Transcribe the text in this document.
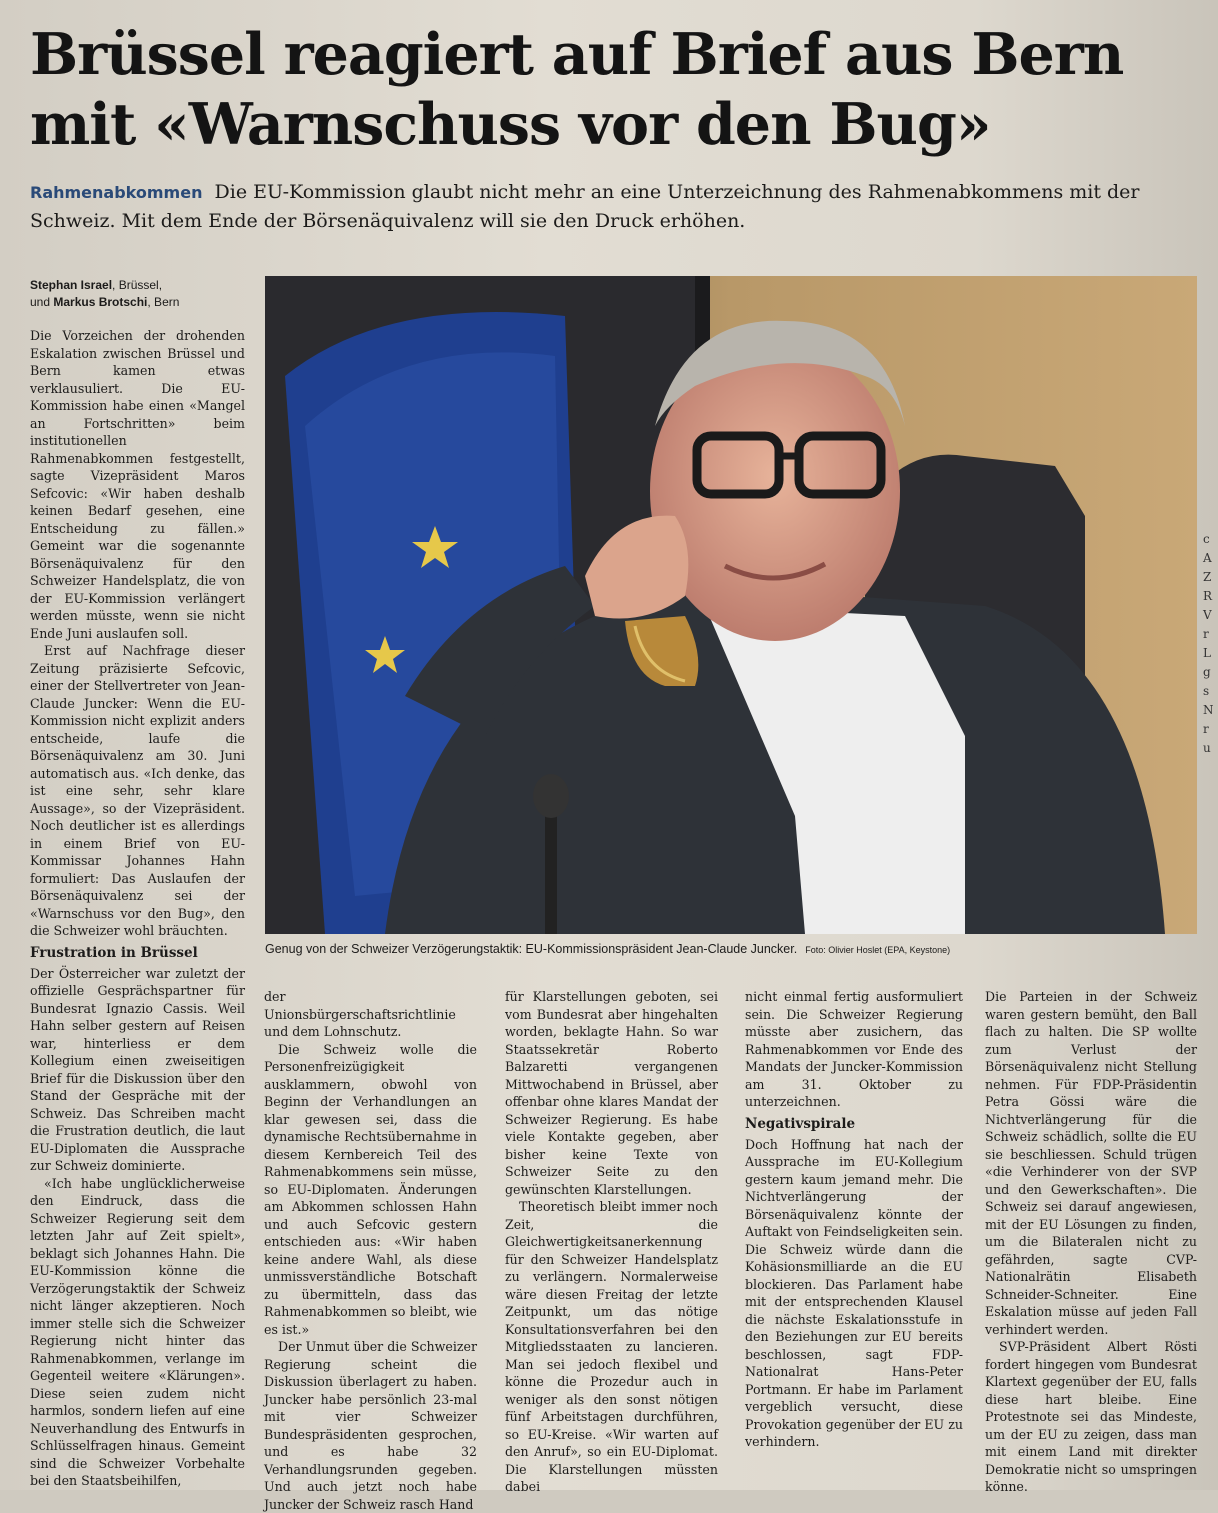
Brüssel reagiert auf Brief aus Bern mit «Warnschuss vor den Bug»

Rahmenabkommen Die EU-Kommission glaubt nicht mehr an eine Unterzeichnung des Rahmenabkommens mit der Schweiz. Mit dem Ende der Börsenäquivalenz will sie den Druck erhöhen.

Stephan Israel, Brüssel,
und Markus Brotschi, Bern

Die Vorzeichen der drohenden Eskalation zwischen Brüssel und Bern kamen etwas verklausuliert. Die EU-Kommission habe einen «Mangel an Fortschritten» beim institutionellen Rahmenabkommen festgestellt, sagte Vizepräsident Maros Sefcovic: «Wir haben deshalb keinen Bedarf gesehen, eine Entscheidung zu fällen.» Gemeint war die sogenannte Börsenäquivalenz für den Schweizer Handelsplatz, die von der EU-Kommission verlängert werden müsste, wenn sie nicht Ende Juni auslaufen soll.

Erst auf Nachfrage dieser Zeitung präzisierte Sefcovic, einer der Stellvertreter von Jean-Claude Juncker: Wenn die EU-Kommission nicht explizit anders entscheide, laufe die Börsenäquivalenz am 30. Juni automatisch aus. «Ich denke, das ist eine sehr, sehr klare Aussage», so der Vizepräsident. Noch deutlicher ist es allerdings in einem Brief von EU-Kommissar Johannes Hahn formuliert: Das Auslaufen der Börsenäquivalenz sei der «Warnschuss vor den Bug», den die Schweizer wohl bräuchten.

Frustration in Brüssel

Der Österreicher war zuletzt der offizielle Gesprächspartner für Bundesrat Ignazio Cassis. Weil Hahn selber gestern auf Reisen war, hinterliess er dem Kollegium einen zweiseitigen Brief für die Diskussion über den Stand der Gespräche mit der Schweiz. Das Schreiben macht die Frustration deutlich, die laut EU-Diplomaten die Aussprache zur Schweiz dominierte.

«Ich habe unglücklicherweise den Eindruck, dass die Schweizer Regierung seit dem letzten Jahr auf Zeit spielt», beklagt sich Johannes Hahn. Die EU-Kommission könne die Verzögerungstaktik der Schweiz nicht länger akzeptieren. Noch immer stelle sich die Schweizer Regierung nicht hinter das Rahmenabkommen, verlange im Gegenteil weitere «Klärungen». Diese seien zudem nicht harmlos, sondern liefen auf eine Neuverhandlung des Entwurfs in Schlüsselfragen hinaus. Gemeint sind die Schweizer Vorbehalte bei den Staatsbeihilfen,

Genug von der Schweizer Verzögerungstaktik: EU-Kommissionspräsident Jean-Claude Juncker. Foto: Olivier Hoslet (EPA, Keystone)

der Unionsbürgerschaftsrichtlinie und dem Lohnschutz.

Die Schweiz wolle die Personenfreizügigkeit ausklammern, obwohl von Beginn der Verhandlungen an klar gewesen sei, dass die dynamische Rechtsübernahme in diesem Kernbereich Teil des Rahmenabkommens sein müsse, so EU-Diplomaten. Änderungen am Abkommen schlossen Hahn und auch Sefcovic gestern entschieden aus: «Wir haben keine andere Wahl, als diese unmissverständliche Botschaft zu übermitteln, dass das Rahmenabkommen so bleibt, wie es ist.»

Der Unmut über die Schweizer Regierung scheint die Diskussion überlagert zu haben. Juncker habe persönlich 23-mal mit vier Schweizer Bundespräsidenten gesprochen, und es habe 32 Verhandlungsrunden gegeben. Und auch jetzt noch habe Juncker der Schweiz rasch Hand

für Klarstellungen geboten, sei vom Bundesrat aber hingehalten worden, beklagte Hahn. So war Staatssekretär Roberto Balzaretti vergangenen Mittwochabend in Brüssel, aber offenbar ohne klares Mandat der Schweizer Regierung. Es habe viele Kontakte gegeben, aber bisher keine Texte von Schweizer Seite zu den gewünschten Klarstellungen.

Theoretisch bleibt immer noch Zeit, die Gleichwertigkeitsanerkennung für den Schweizer Handelsplatz zu verlängern. Normalerweise wäre diesen Freitag der letzte Zeitpunkt, um das nötige Konsultationsverfahren bei den Mitgliedsstaaten zu lancieren. Man sei jedoch flexibel und könne die Prozedur auch in weniger als den sonst nötigen fünf Arbeitstagen durchführen, so EU-Kreise. «Wir warten auf den Anruf», so ein EU-Diplomat. Die Klarstellungen müssten dabei

nicht einmal fertig ausformuliert sein. Die Schweizer Regierung müsste aber zusichern, das Rahmenabkommen vor Ende des Mandats der Juncker-Kommission am 31. Oktober zu unterzeichnen.

Negativspirale

Doch Hoffnung hat nach der Aussprache im EU-Kollegium gestern kaum jemand mehr. Die Nichtverlängerung der Börsenäquivalenz könnte der Auftakt von Feindseligkeiten sein. Die Schweiz würde dann die Kohäsionsmilliarde an die EU blockieren. Das Parlament habe mit der entsprechenden Klausel die nächste Eskalationsstufe in den Beziehungen zur EU bereits beschlossen, sagt FDP-Nationalrat Hans-Peter Portmann. Er habe im Parlament vergeblich versucht, diese Provokation gegenüber der EU zu verhindern.

Die Parteien in der Schweiz waren gestern bemüht, den Ball flach zu halten. Die SP wollte zum Verlust der Börsenäquivalenz nicht Stellung nehmen. Für FDP-Präsidentin Petra Gössi wäre die Nichtverlängerung für die Schweiz schädlich, sollte die EU sie beschliessen. Schuld trügen «die Verhinderer von der SVP und den Gewerkschaften». Die Schweiz sei darauf angewiesen, mit der EU Lösungen zu finden, um die Bilateralen nicht zu gefährden, sagte CVP-Nationalrätin Elisabeth Schneider-Schneiter. Eine Eskalation müsse auf jeden Fall verhindert werden.

SVP-Präsident Albert Rösti fordert hingegen vom Bundesrat Klartext gegenüber der EU, falls diese hart bleibe. Eine Protestnote sei das Mindeste, um der EU zu zeigen, dass man mit einem Land mit direkter Demokratie nicht so umspringen könne.

c
A
Z
R
V
r
L
g
s
N
r
u
